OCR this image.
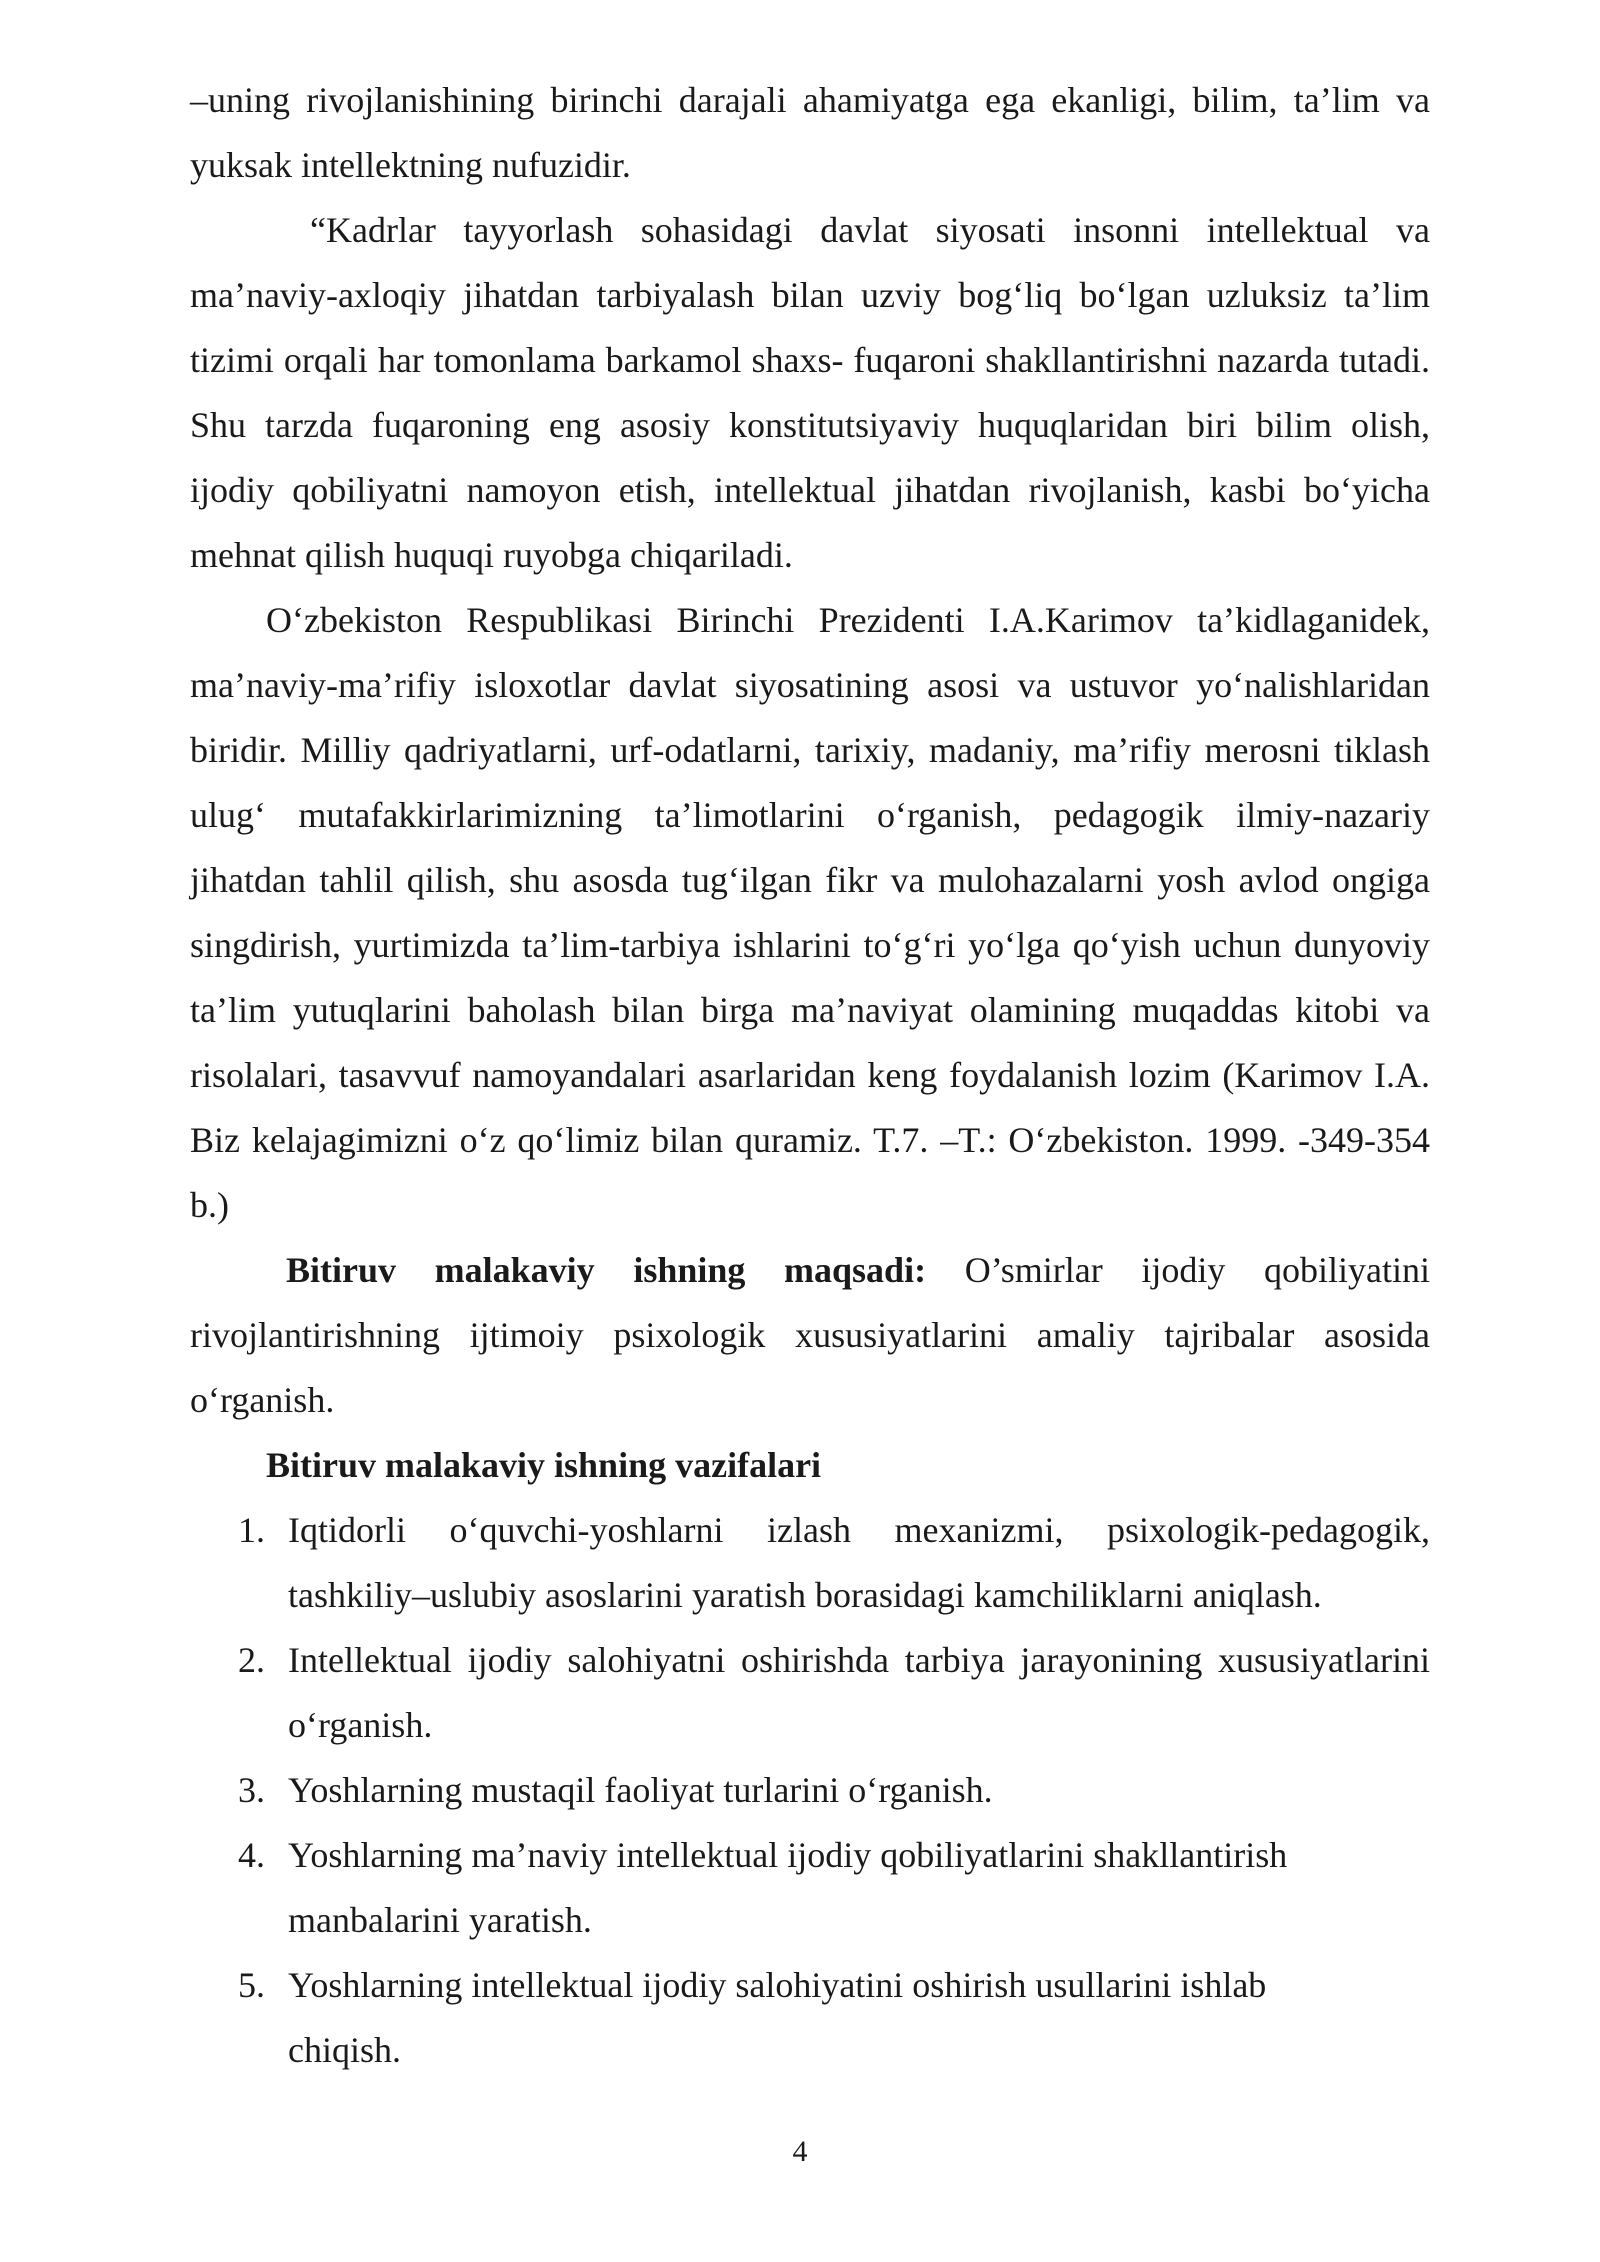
–uning rivojlanishining birinchi darajali ahamiyatga ega ekanligi, bilim, ta’lim va yuksak intellektning nufuzidir.

“Kadrlar tayyorlash sohasidagi davlat siyosati insonni intellektual va ma’naviy-axloqiy jihatdan tarbiyalash bilan uzviy bog‘liq bo‘lgan uzluksiz ta’lim tizimi orqali har tomonlama barkamol shaxs- fuqaroni shakllantirishni nazarda tutadi. Shu tarzda fuqaroning eng asosiy konstitutsiyaviy huquqlaridan biri bilim olish, ijodiy qobiliyatni namoyon etish, intellektual jihatdan rivojlanish, kasbi bo‘yicha mehnat qilish huquqi ruyobga chiqariladi.

O‘zbekiston Respublikasi Birinchi Prezidenti I.A.Karimov ta’kidlaganidek, ma’naviy-ma’rifiy isloxotlar davlat siyosatining asosi va ustuvor yo‘nalishlaridan biridir. Milliy qadriyatlarni, urf-odatlarni, tarixiy, madaniy, ma’rifiy merosni tiklash ulug‘ mutafakkirlarimizning ta’limotlarini o‘rganish, pedagogik ilmiy-nazariy jihatdan tahlil qilish, shu asosda tug‘ilgan fikr va mulohazalarni yosh avlod ongiga singdirish, yurtimizda ta’lim-tarbiya ishlarini to‘g‘ri yo‘lga qo‘yish uchun dunyoviy ta’lim yutuqlarini baholash bilan birga ma’naviyat olamining muqaddas kitobi va risolalari, tasavvuf namoyandalari asarlaridan keng foydalanish lozim (Karimov I.A. Biz kelajagimizni o‘z qo‘limiz bilan quramiz. T.7. –T.: O‘zbekiston. 1999. -349-354 b.)

Bitiruv malakaviy ishning maqsadi: O’smirlar ijodiy qobiliyatini rivojlantirishning ijtimoiy psixologik xususiyatlarini amaliy tajribalar asosida o‘rganish.

Bitiruv malakaviy ishning vazifalari

1. Iqtidorli o‘quvchi-yoshlarni izlash mexanizmi, psixologik-pedagogik, tashkiliy–uslubiy asoslarini yaratish borasidagi kamchiliklarni aniqlash.
2. Intellektual ijodiy salohiyatni oshirishda tarbiya jarayonining xususiyatlarini o‘rganish.
3. Yoshlarning mustaqil faoliyat turlarini o‘rganish.
4. Yoshlarning ma’naviy intellektual ijodiy qobiliyatlarini shakllantirish manbalarini yaratish.
5. Yoshlarning intellektual ijodiy salohiyatini oshirish usullarini ishlab chiqish.
4
